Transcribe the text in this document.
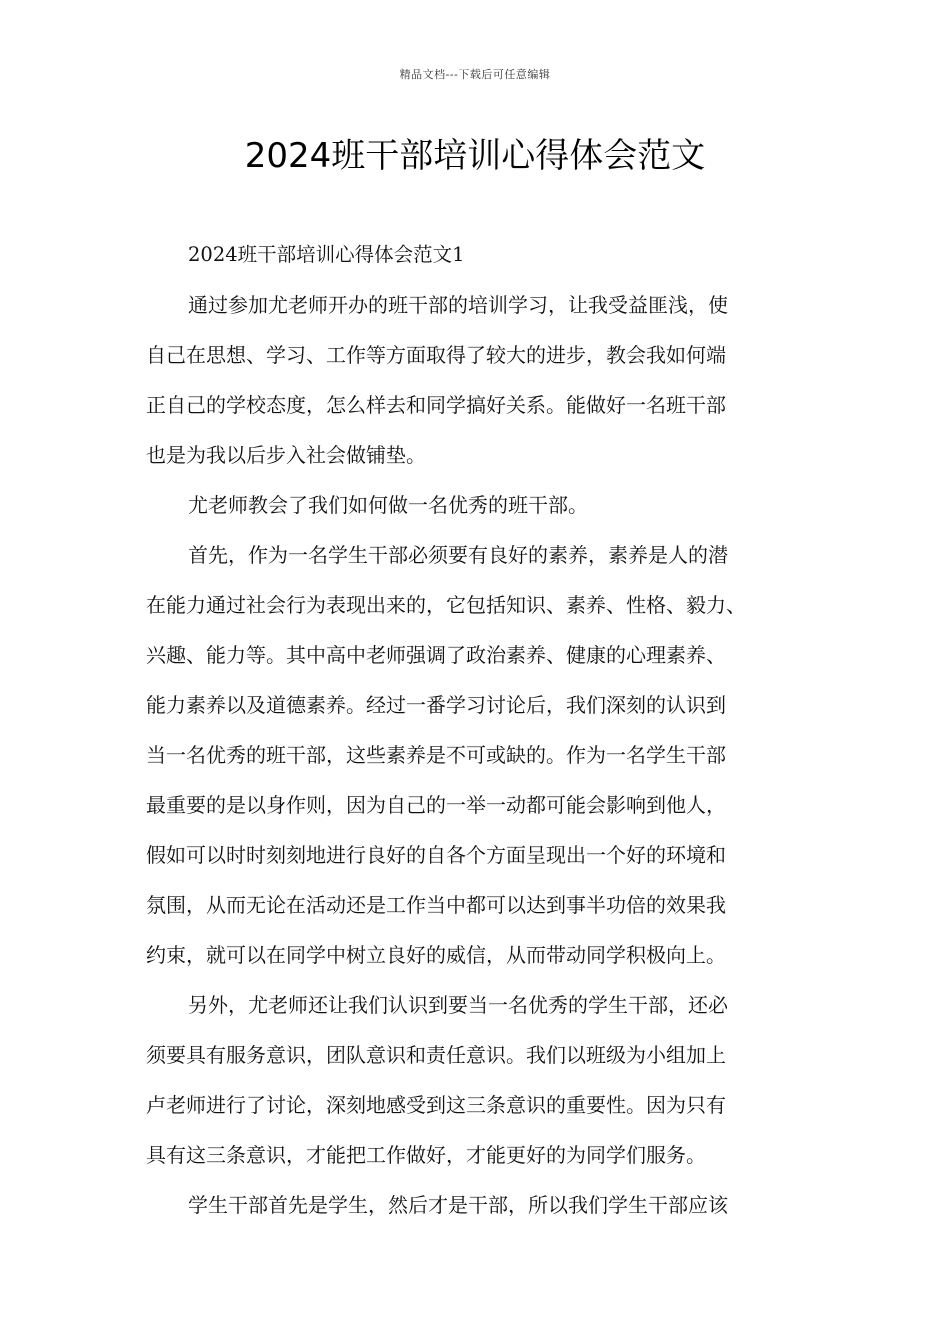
精品文档---下载后可任意编辑
2024班干部培训心得体会范文

2024班干部培训心得体会范文1

通过参加尤老师开办的班干部的培训学习，让我受益匪浅，使

自己在思想、学习、工作等方面取得了较大的进步，教会我如何端

正自己的学校态度，怎么样去和同学搞好关系。能做好一名班干部

也是为我以后步入社会做铺垫。

尤老师教会了我们如何做一名优秀的班干部。

首先，作为一名学生干部必须要有良好的素养，素养是人的潜

在能力通过社会行为表现出来的，它包括知识、素养、性格、毅力、

兴趣、能力等。其中高中老师强调了政治素养、健康的心理素养、

能力素养以及道德素养。经过一番学习讨论后，我们深刻的认识到

当一名优秀的班干部，这些素养是不可或缺的。作为一名学生干部

最重要的是以身作则，因为自己的一举一动都可能会影响到他人，

假如可以时时刻刻地进行良好的自各个方面呈现出一个好的环境和

氛围，从而无论在活动还是工作当中都可以达到事半功倍的效果我

约束，就可以在同学中树立良好的威信，从而带动同学积极向上。

另外，尤老师还让我们认识到要当一名优秀的学生干部，还必

须要具有服务意识，团队意识和责任意识。我们以班级为小组加上

卢老师进行了讨论，深刻地感受到这三条意识的重要性。因为只有

具有这三条意识，才能把工作做好，才能更好的为同学们服务。

学生干部首先是学生，然后才是干部，所以我们学生干部应该
